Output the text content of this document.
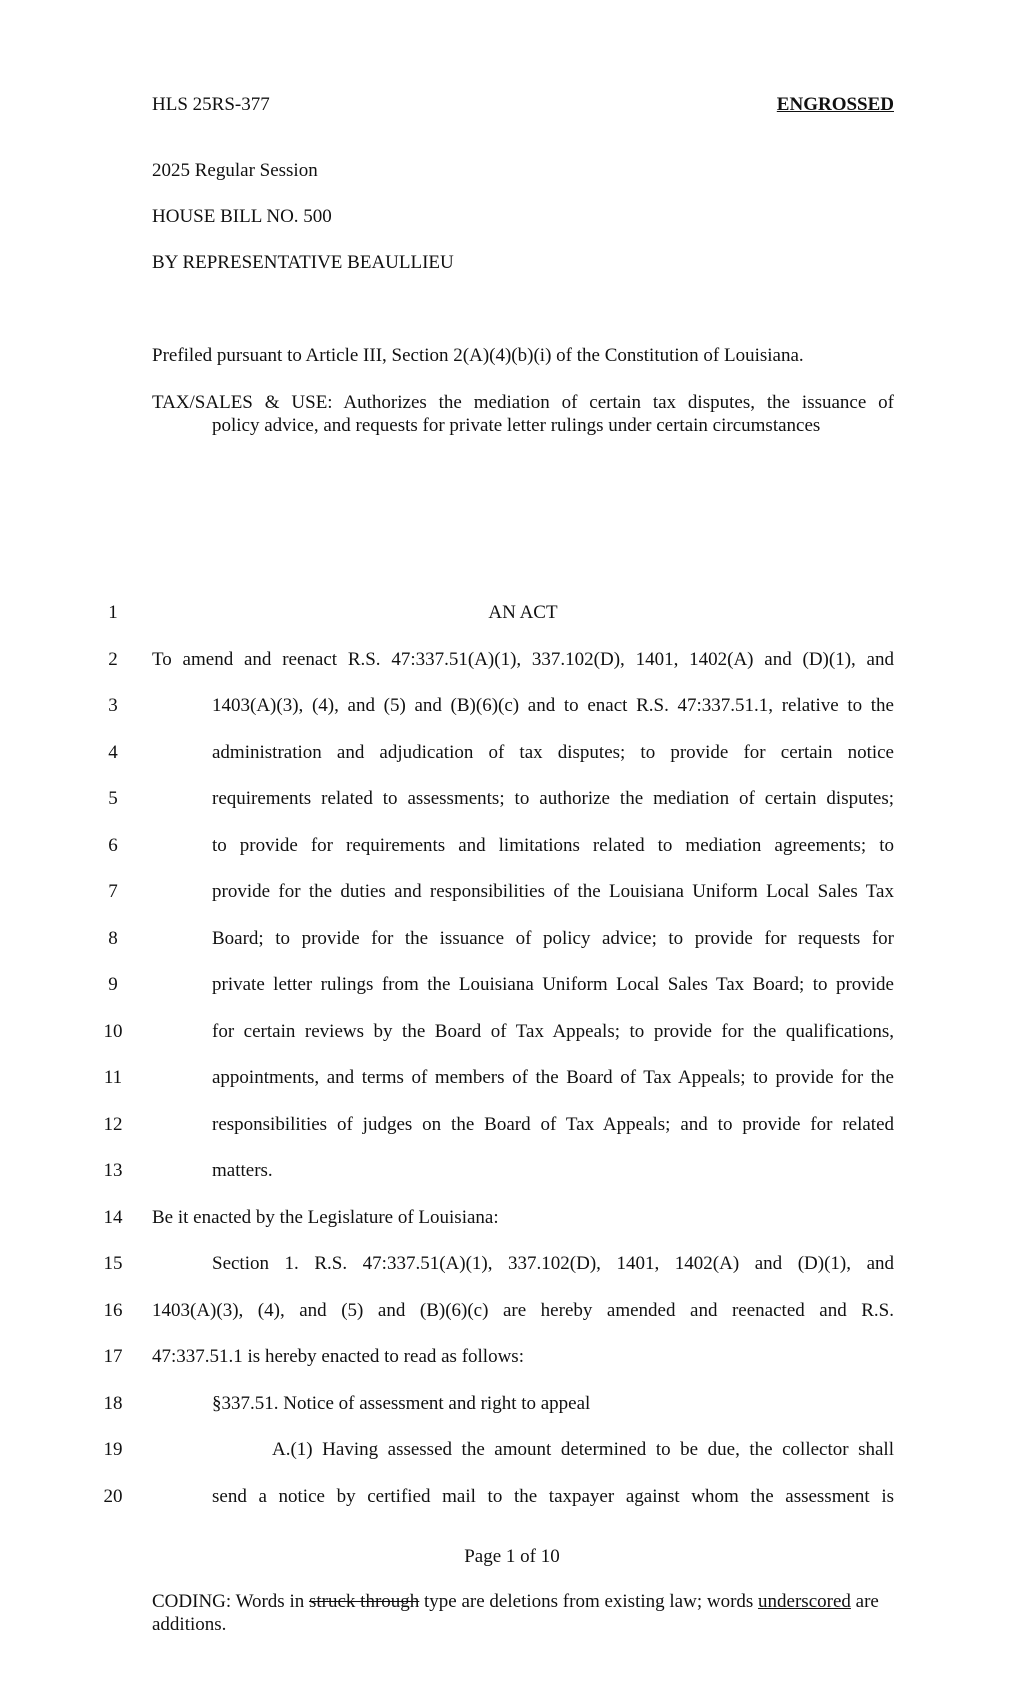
HLS 25RS-377	ENGROSSED
2025 Regular Session
HOUSE BILL NO. 500
BY REPRESENTATIVE BEAULLIEU
Prefiled pursuant to Article III, Section 2(A)(4)(b)(i) of the Constitution of Louisiana.
TAX/SALES & USE: Authorizes the mediation of certain tax disputes, the issuance of
policy advice, and requests for private letter rulings under certain circumstances
1	AN ACT
2	To amend and reenact R.S. 47:337.51(A)(1), 337.102(D), 1401, 1402(A) and (D)(1), and
3	1403(A)(3), (4), and (5) and (B)(6)(c) and to enact R.S. 47:337.51.1, relative to the
4	administration and adjudication of tax disputes; to provide for certain notice
5	requirements related to assessments; to authorize the mediation of certain disputes;
6	to provide for requirements and limitations related to mediation agreements; to
7	provide for the duties and responsibilities of the Louisiana Uniform Local Sales Tax
8	Board; to provide for the issuance of policy advice; to provide for requests for
9	private letter rulings from the Louisiana Uniform Local Sales Tax Board; to provide
10	for certain reviews by the Board of Tax Appeals; to provide for the qualifications,
11	appointments, and terms of members of the Board of Tax Appeals; to provide for the
12	responsibilities of judges on the Board of Tax Appeals; and to provide for related
13	matters.
14	Be it enacted by the Legislature of Louisiana:
15	Section 1. R.S. 47:337.51(A)(1), 337.102(D), 1401, 1402(A) and (D)(1), and
16	1403(A)(3), (4), and (5) and (B)(6)(c) are hereby amended and reenacted and R.S.
17	47:337.51.1 is hereby enacted to read as follows:
18	§337.51. Notice of assessment and right to appeal
19	A.(1) Having assessed the amount determined to be due, the collector shall
20	send a notice by certified mail to the taxpayer against whom the assessment is
Page 1 of 10
CODING: Words in struck through type are deletions from existing law; words underscored are additions.
